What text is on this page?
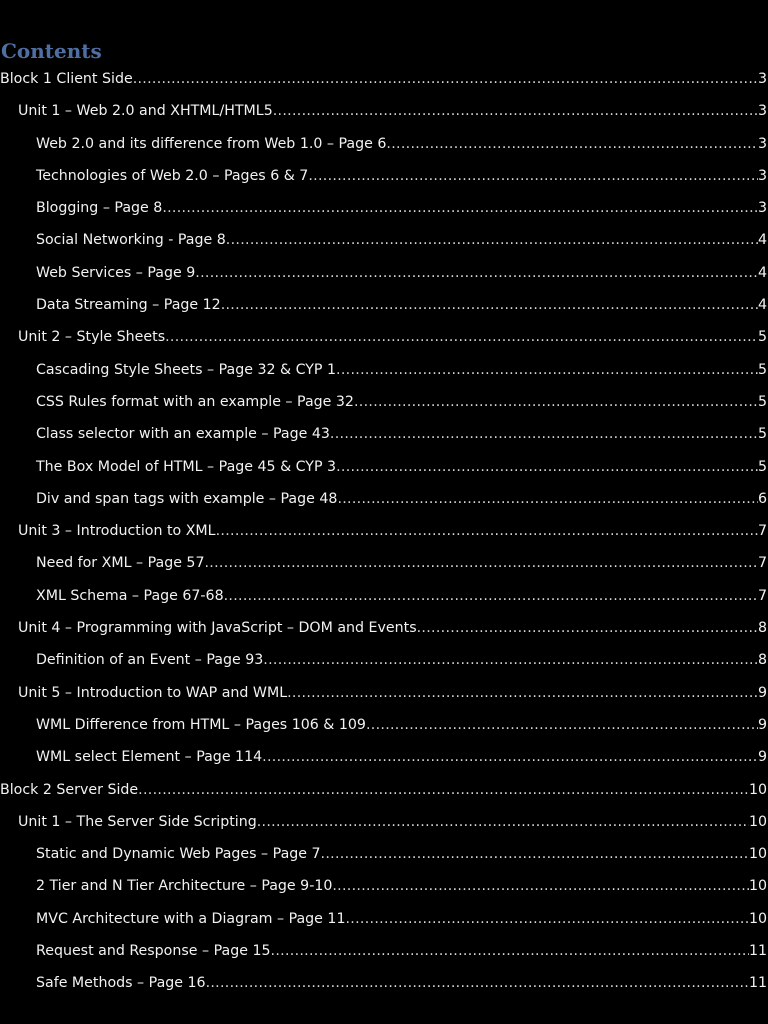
Contents
Block 1 Client Side .....	3
Unit 1 – Web 2.0 and XHTML/HTML5 .....	3
Web 2.0 and its difference from Web 1.0 – Page 6 .....	3
Technologies of Web 2.0 – Pages 6 & 7 .....	3
Blogging – Page 8 .....	3
Social Networking - Page 8 .....	4
Web Services – Page 9 .....	4
Data Streaming – Page 12 .....	4
Unit 2 – Style Sheets .....	5
Cascading Style Sheets – Page 32 & CYP 1 .....	5
CSS Rules format with an example – Page 32 .....	5
Class selector with an example – Page 43 .....	5
The Box Model of HTML – Page 45 & CYP 3 .....	5
Div and span tags with example – Page 48 .....	6
Unit 3 – Introduction to XML .....	7
Need for XML – Page 57 .....	7
XML Schema – Page 67-68 .....	7
Unit 4 – Programming with JavaScript – DOM and Events .....	8
Definition of an Event – Page 93 .....	8
Unit 5 – Introduction to WAP and WML .....	9
WML Difference from HTML – Pages 106 & 109 .....	9
WML select Element – Page 114 .....	9
Block 2 Server Side .....	10
Unit 1 – The Server Side Scripting .....	10
Static and Dynamic Web Pages – Page 7 .....	10
2 Tier and N Tier Architecture – Page 9-10 .....	10
MVC Architecture with a Diagram – Page 11 .....	10
Request and Response – Page 15 .....	11
Safe Methods – Page 16 .....	11
